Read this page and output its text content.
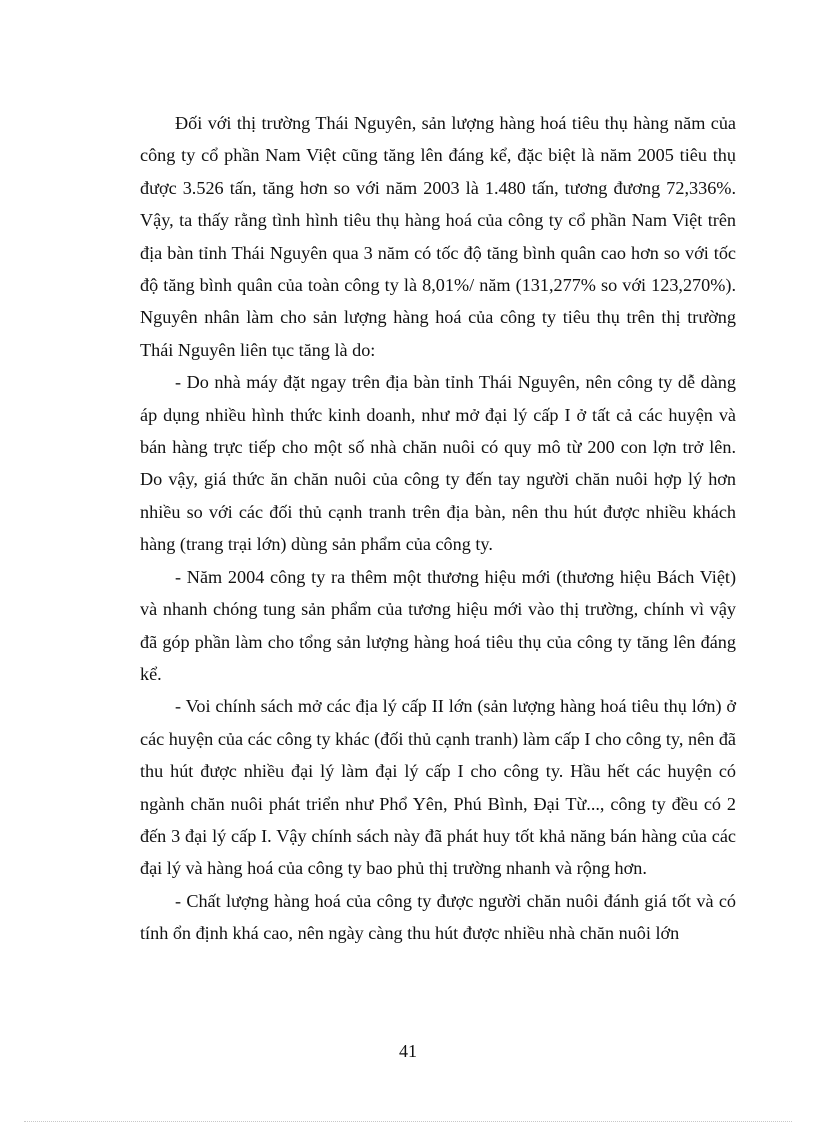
Đối với thị trường Thái Nguyên, sản lượng hàng hoá tiêu thụ hàng năm của công ty cổ phần Nam Việt cũng tăng lên đáng kể, đặc biệt là năm 2005 tiêu thụ được 3.526 tấn, tăng hơn so với năm 2003 là 1.480 tấn, tương đương 72,336%. Vậy, ta thấy rằng tình hình tiêu thụ hàng hoá của công ty cổ phần Nam Việt trên địa bàn tỉnh Thái Nguyên qua 3 năm có tốc độ tăng bình quân cao hơn so với tốc độ tăng bình quân của toàn công ty là 8,01%/ năm (131,277% so với 123,270%). Nguyên nhân làm cho sản lượng hàng hoá của công ty tiêu thụ trên thị trường Thái Nguyên liên tục tăng là do:

- Do nhà máy đặt ngay trên địa bàn tỉnh Thái Nguyên, nên công ty dễ dàng áp dụng nhiều hình thức kinh doanh, như mở đại lý cấp I ở tất cả các huyện và bán hàng trực tiếp cho một số nhà chăn nuôi có quy mô từ 200 con lợn trở lên. Do vậy, giá thức ăn chăn nuôi của công ty đến tay người chăn nuôi hợp lý hơn nhiều so với các đối thủ cạnh tranh trên địa bàn, nên thu hút được nhiều khách hàng (trang trại lớn) dùng sản phẩm của công ty.

- Năm 2004 công ty ra thêm một thương hiệu mới (thương hiệu Bách Việt) và nhanh chóng tung sản phẩm của tương hiệu mới vào thị trường, chính vì vậy đã góp phần làm cho tổng sản lượng hàng hoá tiêu thụ của công ty tăng lên đáng kể.

- Voi chính sách mở các địa lý cấp II lớn (sản lượng hàng hoá tiêu thụ lớn) ở các huyện của các công ty khác (đối thủ cạnh tranh) làm cấp I cho công ty, nên đã thu hút được nhiều đại lý làm đại lý cấp I cho công ty. Hầu hết các huyện có ngành chăn nuôi phát triển như Phổ Yên, Phú Bình, Đại Từ..., công ty đều có 2 đến 3 đại lý cấp I. Vậy chính sách này đã phát huy tốt khả năng bán hàng của các đại lý và hàng hoá của công ty bao phủ thị trường nhanh và rộng hơn.

- Chất lượng hàng hoá của công ty được người chăn nuôi đánh giá tốt và có tính ổn định khá cao, nên ngày càng thu hút được nhiều nhà chăn nuôi lớn

41
